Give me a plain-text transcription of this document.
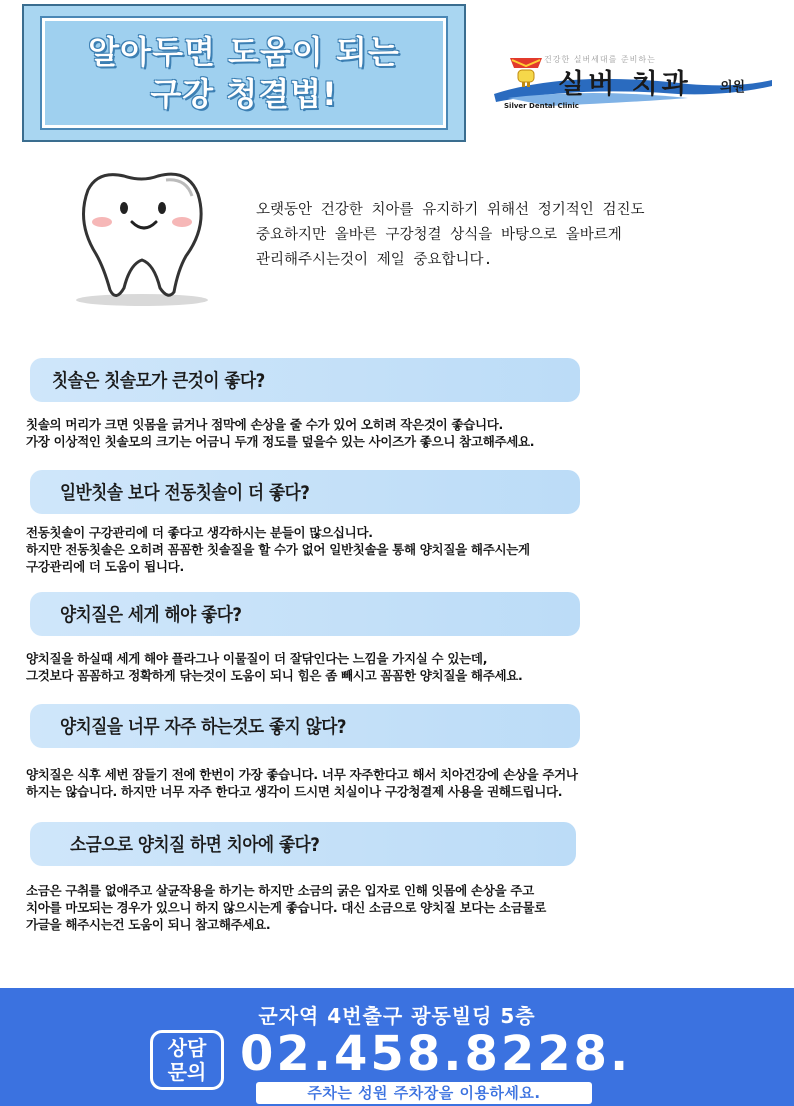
알아두면 도움이 되는
구강 청결법!
건강한 실버세대를 준비하는
실버 치과 의원
Silver Dental Clinic
오랫동안 건강한 치아를 유지하기 위해선 정기적인 검진도
중요하지만 올바른 구강청결 상식을 바탕으로 올바르게
관리해주시는것이 제일 중요합니다.
칫솔은 칫솔모가 큰것이 좋다?
칫솔의 머리가 크면 잇몸을 긁거나 점막에 손상을 줄 수가 있어 오히려 작은것이 좋습니다.
가장 이상적인 칫솔모의 크기는 어금니 두개 정도를 덮을수 있는 사이즈가 좋으니 참고해주세요.
일반칫솔 보다 전동칫솔이 더 좋다?
전동칫솔이 구강관리에 더 좋다고 생각하시는 분들이 많으십니다.
하지만 전동칫솔은 오히려 꼼꼼한 칫솔질을 할 수가 없어 일반칫솔을 통해 양치질을 해주시는게
구강관리에 더 도움이 됩니다.
양치질은 세게 해야 좋다?
양치질을 하실때 세게 해야 플라그나 이물질이 더 잘닦인다는 느낌을 가지실 수 있는데,
그것보다 꼼꼼하고 정확하게 닦는것이 도움이 되니 힘은 좀 빼시고 꼼꼼한 양치질을 해주세요.
양치질을 너무 자주 하는것도 좋지 않다?
양치질은 식후 세번 잠들기 전에 한번이 가장 좋습니다. 너무 자주한다고 해서 치아건강에 손상을 주거나
하지는 않습니다. 하지만 너무 자주 한다고 생각이 드시면 치실이나 구강청결제 사용을 권해드립니다.
소금으로 양치질 하면 치아에 좋다?
소금은 구취를 없애주고 살균작용을 하기는 하지만 소금의 굵은 입자로 인해 잇몸에 손상을 주고
치아를 마모되는 경우가 있으니 하지 않으시는게 좋습니다. 대신 소금으로 양치질 보다는 소금물로
가글을 해주시는건 도움이 되니 참고해주세요.
군자역 4번출구 광동빌딩 5층
상담
문의 02.458.8228.
주차는 성원 주차장을 이용하세요.
